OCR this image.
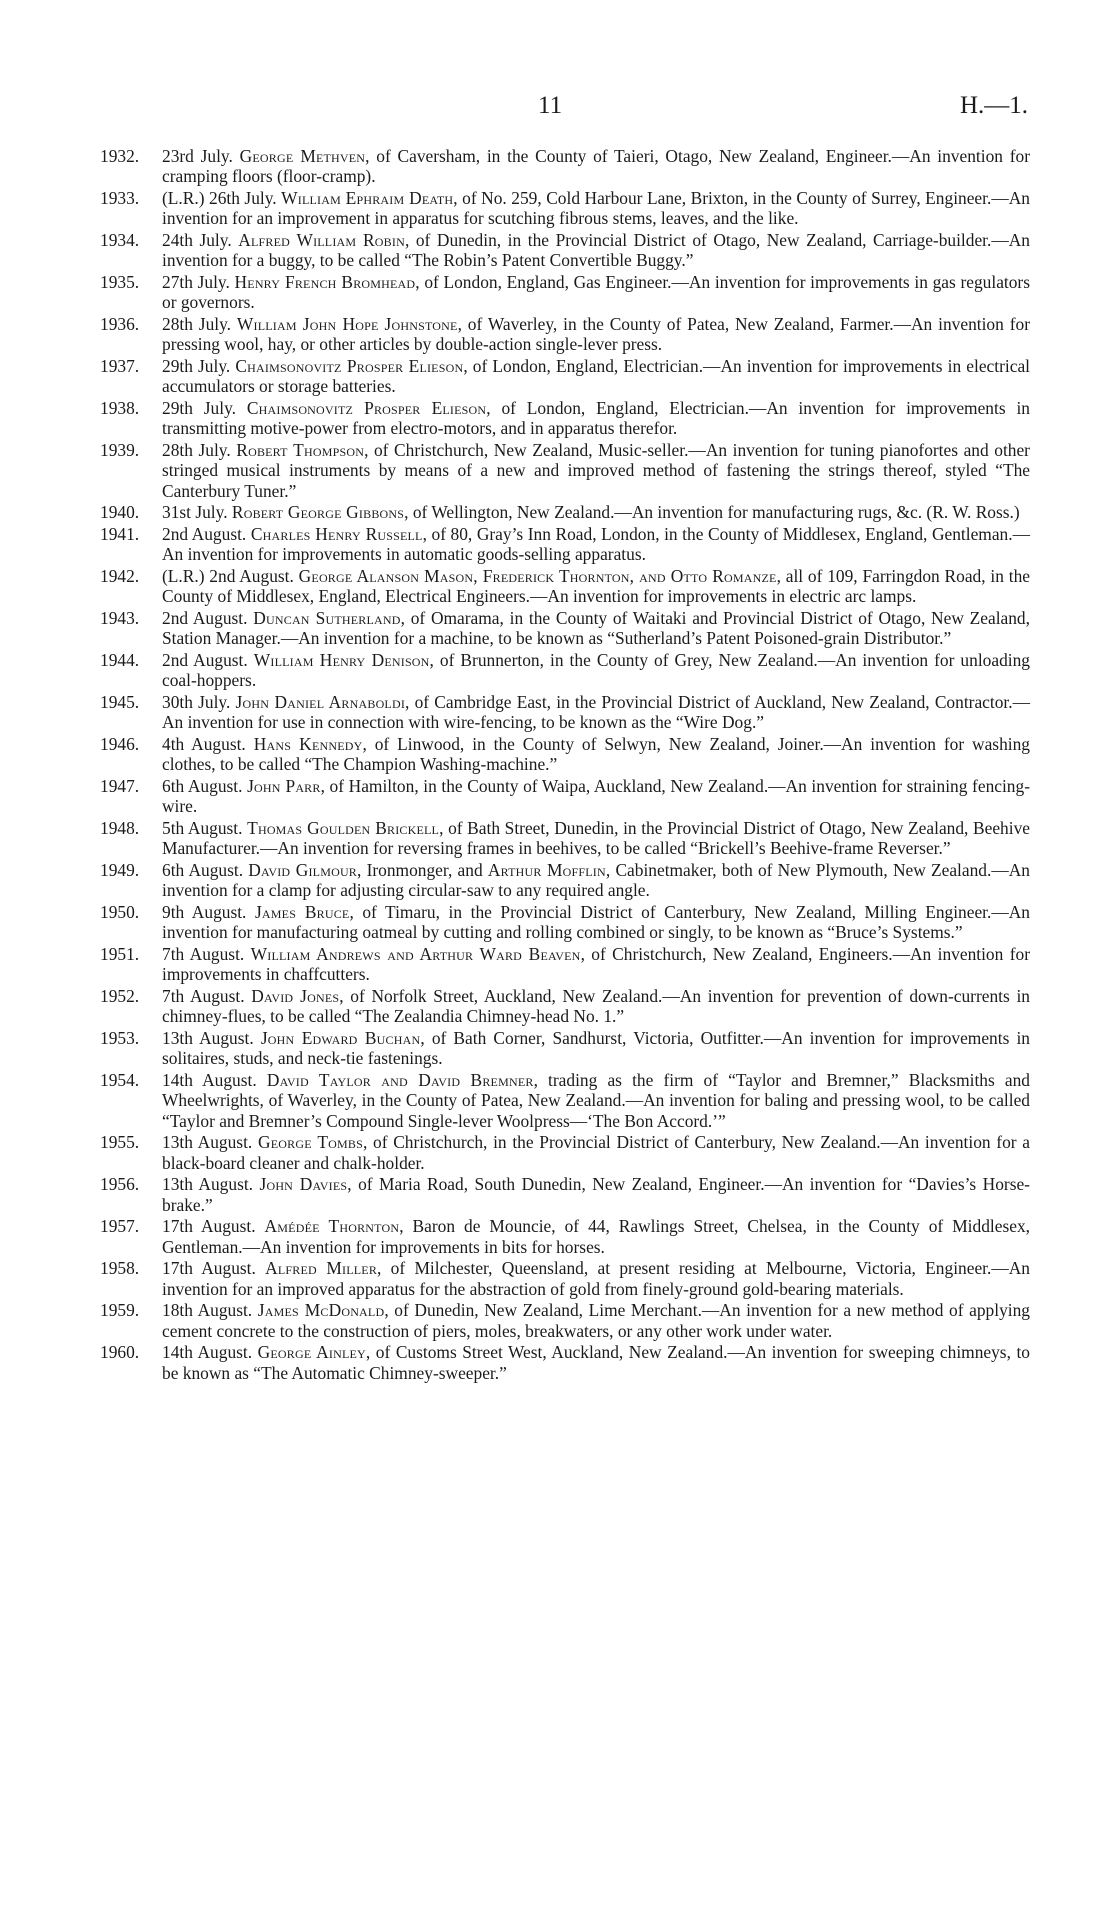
11	H.—1.
1932. 23rd July. George Methven, of Caversham, in the County of Taieri, Otago, New Zealand, Engineer.—An invention for cramping floors (floor-cramp).
1933. (L.R.) 26th July. William Ephraim Death, of No. 259, Cold Harbour Lane, Brixton, in the County of Surrey, Engineer.—An invention for an improvement in apparatus for scutching fibrous stems, leaves, and the like.
1934. 24th July. Alfred William Robin, of Dunedin, in the Provincial District of Otago, New Zealand, Carriage-builder.—An invention for a buggy, to be called “The Robin’s Patent Convertible Buggy.”
1935. 27th July. Henry French Bromhead, of London, England, Gas Engineer.—An invention for improvements in gas regulators or governors.
1936. 28th July. William John Hope Johnstone, of Waverley, in the County of Patea, New Zealand, Farmer.—An invention for pressing wool, hay, or other articles by double-action single-lever press.
1937. 29th July. Chaimsonovitz Prosper Elieson, of London, England, Electrician.—An invention for improvements in electrical accumulators or storage batteries.
1938. 29th July. Chaimsonovitz Prosper Elieson, of London, England, Electrician.—An invention for improvements in transmitting motive-power from electro-motors, and in apparatus therefor.
1939. 28th July. Robert Thompson, of Christchurch, New Zealand, Music-seller.—An invention for tuning pianofortes and other stringed musical instruments by means of a new and improved method of fastening the strings thereof, styled “The Canterbury Tuner.”
1940. 31st July. Robert George Gibbons, of Wellington, New Zealand.—An invention for manufacturing rugs, &c. (R. W. Ross.)
1941. 2nd August. Charles Henry Russell, of 80, Gray’s Inn Road, London, in the County of Middlesex, England, Gentleman.—An invention for improvements in automatic goods-selling apparatus.
1942. (L.R.) 2nd August. George Alanson Mason, Frederick Thornton, and Otto Romanze, all of 109, Farringdon Road, in the County of Middlesex, England, Electrical Engineers.—An invention for improvements in electric arc lamps.
1943. 2nd August. Duncan Sutherland, of Omarama, in the County of Waitaki and Provincial District of Otago, New Zealand, Station Manager.—An invention for a machine, to be known as “Sutherland’s Patent Poisoned-grain Distributor.”
1944. 2nd August. William Henry Denison, of Brunnerton, in the County of Grey, New Zealand.—An invention for unloading coal-hoppers.
1945. 30th July. John Daniel Arnaboldi, of Cambridge East, in the Provincial District of Auckland, New Zealand, Contractor.—An invention for use in connection with wire-fencing, to be known as the “Wire Dog.”
1946. 4th August. Hans Kennedy, of Linwood, in the County of Selwyn, New Zealand, Joiner.—An invention for washing clothes, to be called “The Champion Washing-machine.”
1947. 6th August. John Parr, of Hamilton, in the County of Waipa, Auckland, New Zealand.—An invention for straining fencing-wire.
1948. 5th August. Thomas Goulden Brickell, of Bath Street, Dunedin, in the Provincial District of Otago, New Zealand, Beehive Manufacturer.—An invention for reversing frames in beehives, to be called “Brickell’s Beehive-frame Reverser.”
1949. 6th August. David Gilmour, Ironmonger, and Arthur Mofflin, Cabinetmaker, both of New Plymouth, New Zealand.—An invention for a clamp for adjusting circular-saw to any required angle.
1950. 9th August. James Bruce, of Timaru, in the Provincial District of Canterbury, New Zealand, Milling Engineer.—An invention for manufacturing oatmeal by cutting and rolling combined or singly, to be known as “Bruce’s Systems.”
1951. 7th August. William Andrews and Arthur Ward Beaven, of Christchurch, New Zealand, Engineers.—An invention for improvements in chaffcutters.
1952. 7th August. David Jones, of Norfolk Street, Auckland, New Zealand.—An invention for prevention of down-currents in chimney-flues, to be called “The Zealandia Chimney-head No. 1.”
1953. 13th August. John Edward Buchan, of Bath Corner, Sandhurst, Victoria, Outfitter.—An invention for improvements in solitaires, studs, and neck-tie fastenings.
1954. 14th August. David Taylor and David Bremner, trading as the firm of “Taylor and Bremner,” Blacksmiths and Wheelwrights, of Waverley, in the County of Patea, New Zealand.—An invention for baling and pressing wool, to be called “Taylor and Bremner’s Compound Single-lever Woolpress—‘The Bon Accord.’”
1955. 13th August. George Tombs, of Christchurch, in the Provincial District of Canterbury, New Zealand.—An invention for a black-board cleaner and chalk-holder.
1956. 13th August. John Davies, of Maria Road, South Dunedin, New Zealand, Engineer.—An invention for “Davies’s Horse-brake.”
1957. 17th August. Amédée Thornton, Baron de Mouncie, of 44, Rawlings Street, Chelsea, in the County of Middlesex, Gentleman.—An invention for improvements in bits for horses.
1958. 17th August. Alfred Miller, of Milchester, Queensland, at present residing at Melbourne, Victoria, Engineer.—An invention for an improved apparatus for the abstraction of gold from finely-ground gold-bearing materials.
1959. 18th August. James McDonald, of Dunedin, New Zealand, Lime Merchant.—An invention for a new method of applying cement concrete to the construction of piers, moles, breakwaters, or any other work under water.
1960. 14th August. George Ainley, of Customs Street West, Auckland, New Zealand.—An invention for sweeping chimneys, to be known as “The Automatic Chimney-sweeper.”
